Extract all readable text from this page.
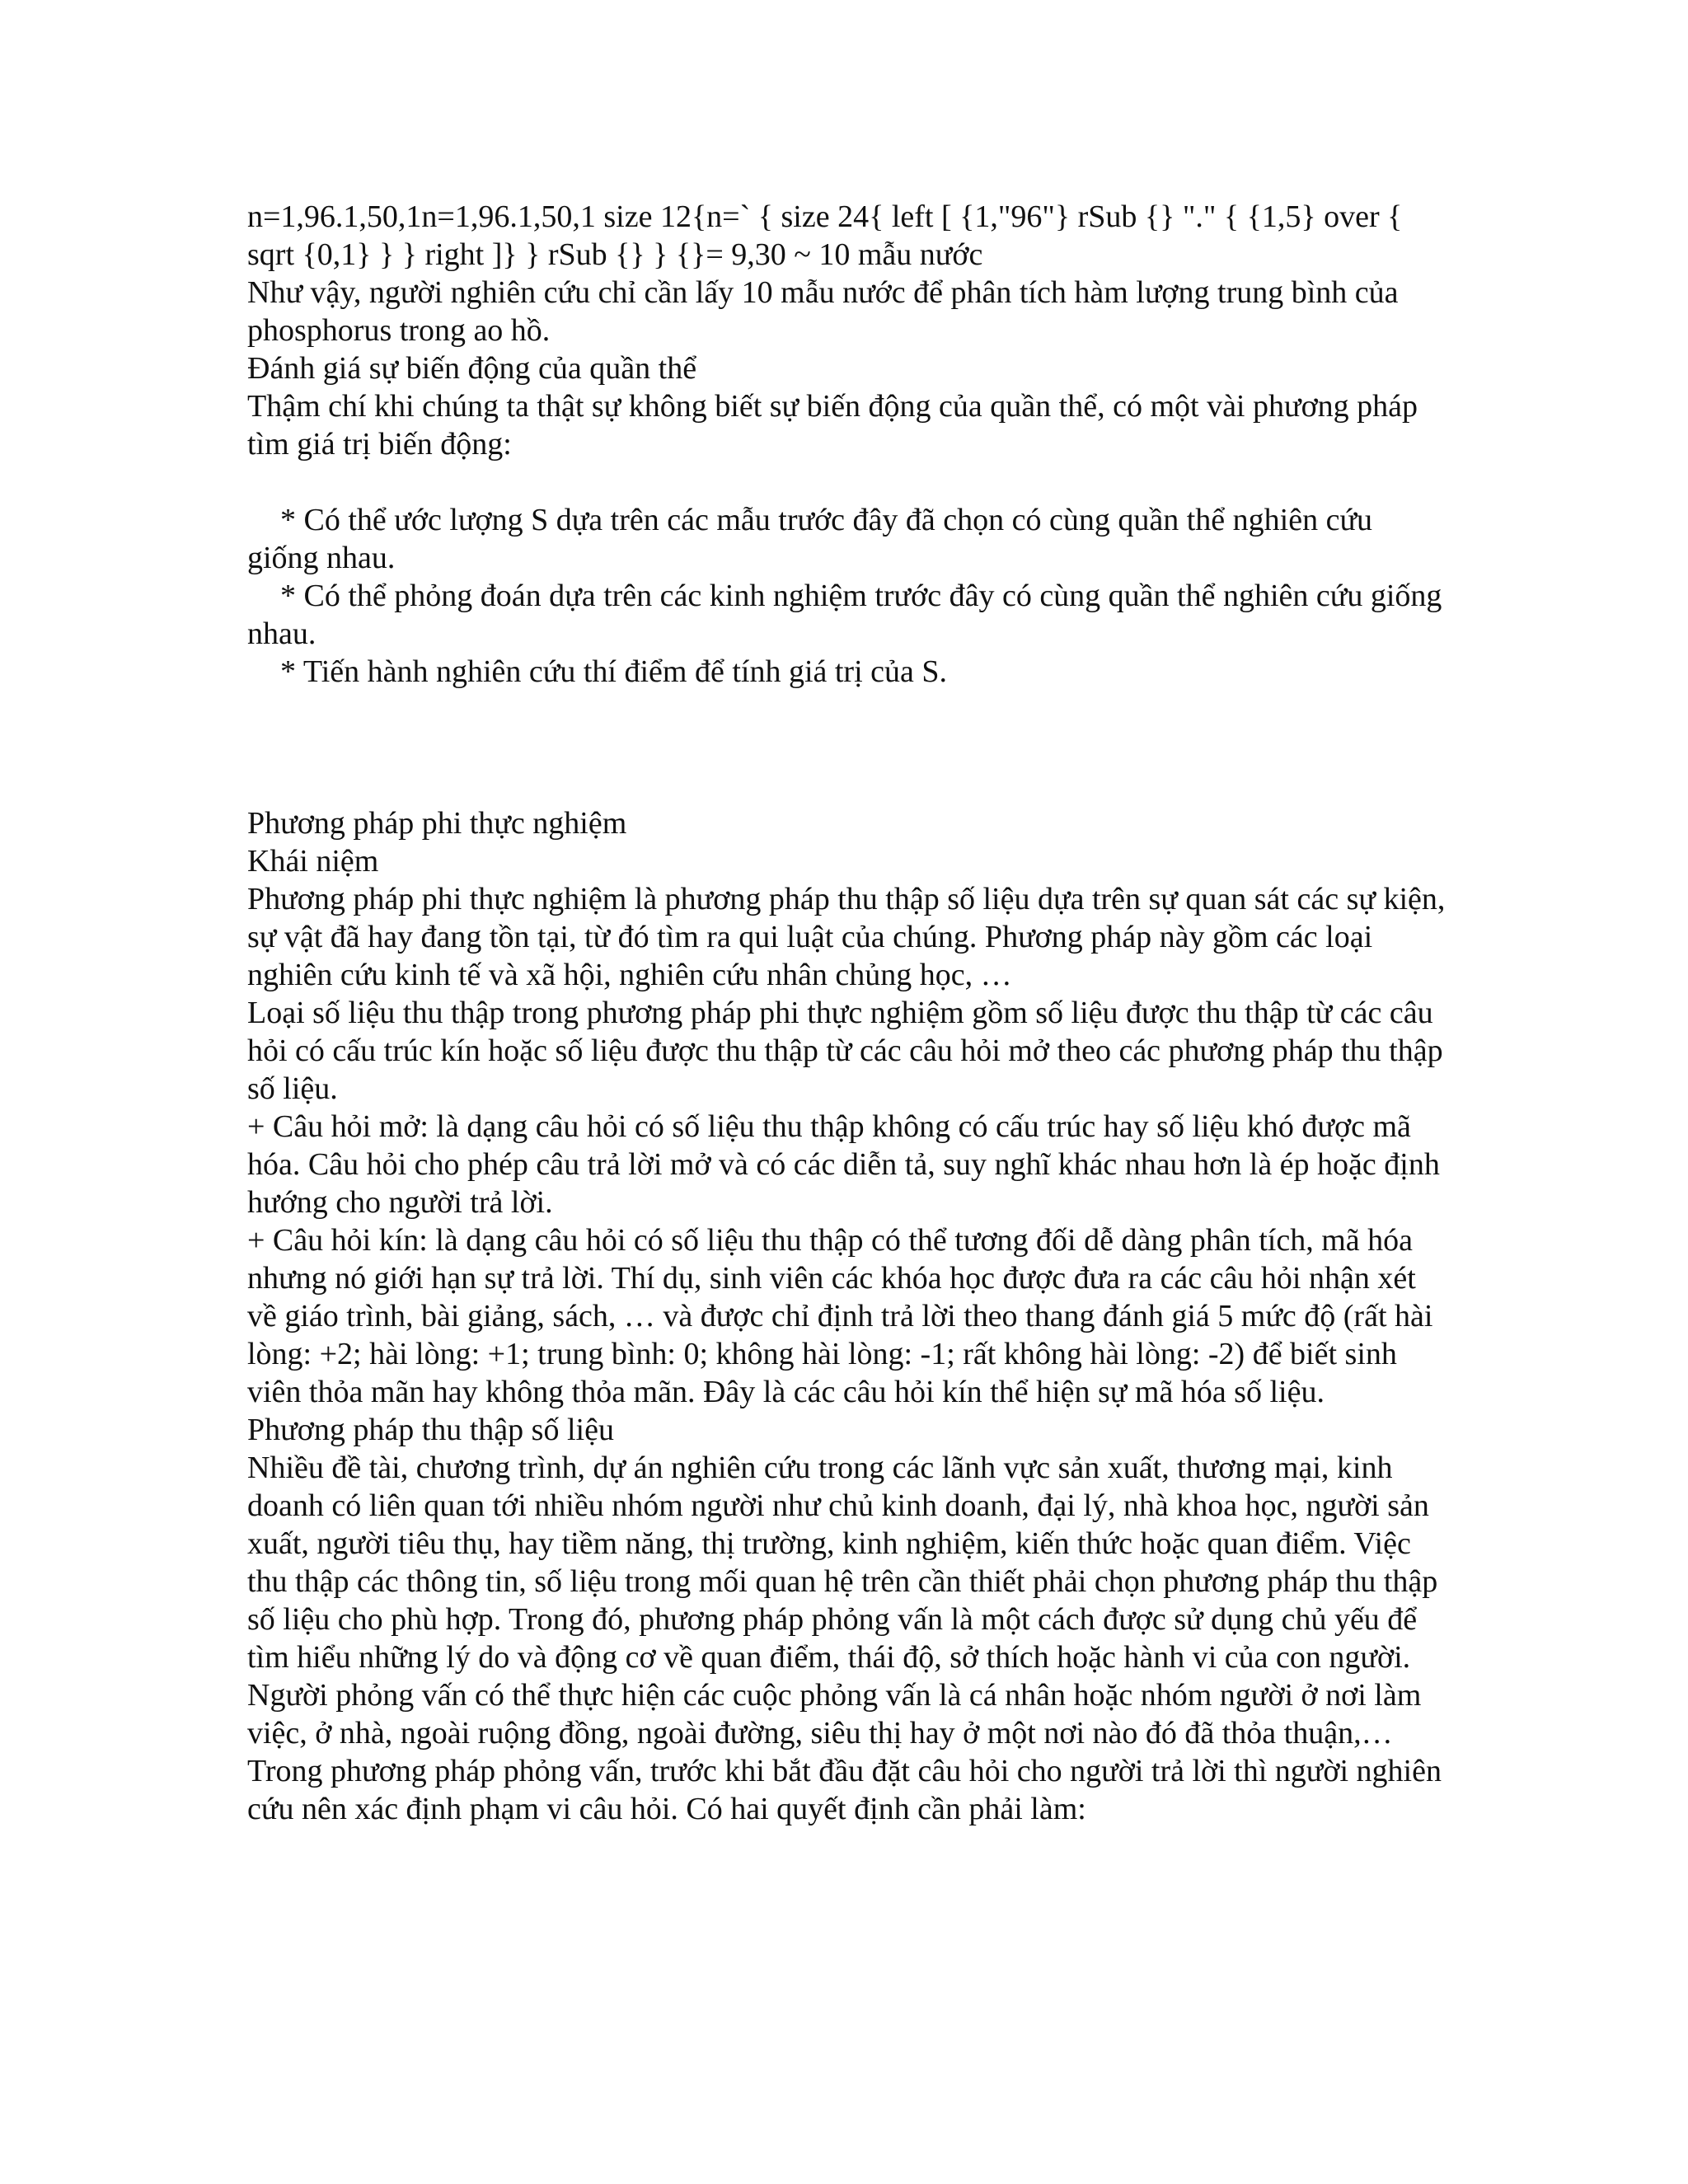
n=1,96.1,50,1n=1,96.1,50,1 size 12{n=` { size 24{ left [ {1,"96"} rSub {} "." { {1,5} over { sqrt {0,1} } } right ]} } rSub {} } {}= 9,30 ~ 10 mẫu nước

Như vậy, người nghiên cứu chỉ cần lấy 10 mẫu nước để phân tích hàm lượng trung bình của phosphorus trong ao hồ.

Đánh giá sự biến động của quần thể

Thậm chí khi chúng ta thật sự không biết sự biến động của quần thể, có một vài phương pháp tìm giá trị biến động:

* Có thể ước lượng S dựa trên các mẫu trước đây đã chọn có cùng quần thể nghiên cứu giống nhau.

* Có thể phỏng đoán dựa trên các kinh nghiệm trước đây có cùng quần thể nghiên cứu giống nhau.

* Tiến hành nghiên cứu thí điểm để tính giá trị của S.

Phương pháp phi thực nghiệm

Khái niệm

Phương pháp phi thực nghiệm là phương pháp thu thập số liệu dựa trên sự quan sát các sự kiện, sự vật đã hay đang tồn tại, từ đó tìm ra qui luật của chúng. Phương pháp này gồm các loại nghiên cứu kinh tế và xã hội, nghiên cứu nhân chủng học, …

Loại số liệu thu thập trong phương pháp phi thực nghiệm gồm số liệu được thu thập từ các câu hỏi có cấu trúc kín hoặc số liệu được thu thập từ các câu hỏi mở theo các phương pháp thu thập số liệu.

+ Câu hỏi mở: là dạng câu hỏi có số liệu thu thập không có cấu trúc hay số liệu khó được mã hóa. Câu hỏi cho phép câu trả lời mở và có các diễn tả, suy nghĩ khác nhau hơn là ép hoặc định hướng cho người trả lời.

+ Câu hỏi kín: là dạng câu hỏi có số liệu thu thập có thể tương đối dễ dàng phân tích, mã hóa nhưng nó giới hạn sự trả lời. Thí dụ, sinh viên các khóa học được đưa ra các câu hỏi nhận xét về giáo trình, bài giảng, sách, … và được chỉ định trả lời theo thang đánh giá 5 mức độ (rất hài lòng: +2; hài lòng: +1; trung bình: 0; không hài lòng: -1; rất không hài lòng: -2) để biết sinh viên thỏa mãn hay không thỏa mãn. Đây là các câu hỏi kín thể hiện sự mã hóa số liệu.

Phương pháp thu thập số liệu

Nhiều đề tài, chương trình, dự án nghiên cứu trong các lãnh vực sản xuất, thương mại, kinh doanh có liên quan tới nhiều nhóm người như chủ kinh doanh, đại lý, nhà khoa học, người sản xuất, người tiêu thụ, hay tiềm năng, thị trường, kinh nghiệm, kiến thức hoặc quan điểm. Việc thu thập các thông tin, số liệu trong mối quan hệ trên cần thiết phải chọn phương pháp thu thập số liệu cho phù hợp. Trong đó, phương pháp phỏng vấn là một cách được sử dụng chủ yếu để tìm hiểu những lý do và động cơ về quan điểm, thái độ, sở thích hoặc hành vi của con người. Người phỏng vấn có thể thực hiện các cuộc phỏng vấn là cá nhân hoặc nhóm người ở nơi làm việc, ở nhà, ngoài ruộng đồng, ngoài đường, siêu thị hay ở một nơi nào đó đã thỏa thuận,… Trong phương pháp phỏng vấn, trước khi bắt đầu đặt câu hỏi cho người trả lời thì người nghiên cứu nên xác định phạm vi câu hỏi. Có hai quyết định cần phải làm:
